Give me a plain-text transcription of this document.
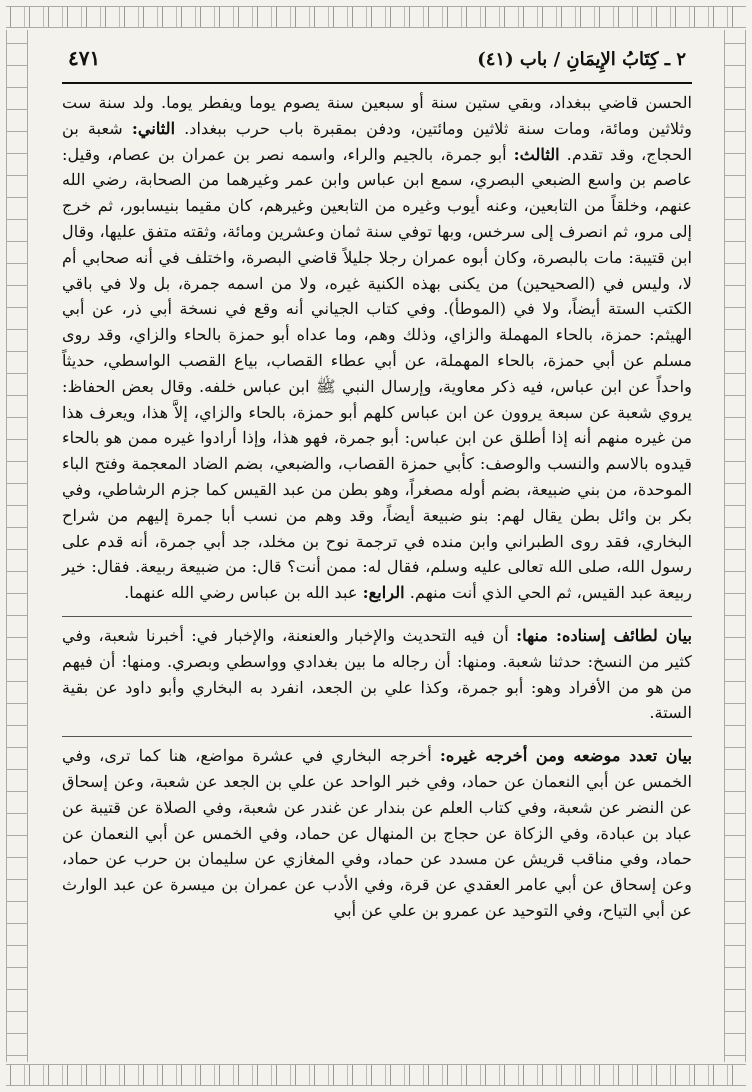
٢ ـ كِتَابُ الإِيمَانِ / باب (٤١)
٤٧١

الحسن قاضي ببغداد، وبقي ستين سنة أو سبعين سنة يصوم يوما ويفطر يوما. ولد سنة ست وثلاثين ومائة، ومات سنة ثلاثين ومائتين، ودفن بمقبرة باب حرب ببغداد. الثاني: شعبة بن الحجاج، وقد تقدم. الثالث: أبو جمرة، بالجيم والراء، واسمه نصر بن عمران بن عصام، وقيل: عاصم بن واسع الضبعي البصري، سمع ابن عباس وابن عمر وغيرهما من الصحابة، رضي الله عنهم، وخلقاً من التابعين، وعنه أيوب وغيره من التابعين وغيرهم، كان مقيما بنيسابور، ثم خرج إلى مرو، ثم انصرف إلى سرخس، وبها توفي سنة ثمان وعشرين ومائة، وثقته متفق عليها، وقال ابن قتيبة: مات بالبصرة، وكان أبوه عمران رجلا جليلاً قاضي البصرة، واختلف في أنه صحابي أم لا، وليس في (الصحيحين) من يكنى بهذه الكنية غيره، ولا من اسمه جمرة، بل ولا في باقي الكتب الستة أيضاً، ولا في (الموطأ). وفي كتاب الجياني أنه وقع في نسخة أبي ذر، عن أبي الهيثم: حمزة، بالحاء المهملة والزاي، وذلك وهم، وما عداه أبو حمزة بالحاء والزاي، وقد روى مسلم عن أبي حمزة، بالحاء المهملة، عن أبي عطاء القصاب، بياع القصب الواسطي، حديثاً واحداً عن ابن عباس، فيه ذكر معاوية، وإرسال النبي ﷺ ابن عباس خلفه. وقال بعض الحفاظ: يروي شعبة عن سبعة يروون عن ابن عباس كلهم أبو حمزة، بالحاء والزاي، إلاَّ هذا، ويعرف هذا من غيره منهم أنه إذا أطلق عن ابن عباس: أبو جمرة، فهو هذا، وإذا أرادوا غيره ممن هو بالحاء قيدوه بالاسم والنسب والوصف: كأبي حمزة القصاب، والضبعي، بضم الضاد المعجمة وفتح الباء الموحدة، من بني ضبيعة، بضم أوله مصغراً، وهو بطن من عبد القيس كما جزم الرشاطي، وفي بكر بن وائل بطن يقال لهم: بنو ضبيعة أيضاً، وقد وهم من نسب أبا جمرة إليهم من شراح البخاري، فقد روى الطبراني وابن منده في ترجمة نوح بن مخلد، جد أبي جمرة، أنه قدم على رسول الله، صلى الله تعالى عليه وسلم، فقال له: ممن أنت؟ قال: من ضبيعة ربيعة. فقال: خير ربيعة عبد القيس، ثم الحي الذي أنت منهم. الرابع: عبد الله بن عباس رضي الله عنهما.

بيان لطائف إسناده: منها: أن فيه التحديث والإخبار والعنعنة، والإخبار في: أخبرنا شعبة، وفي كثير من النسخ: حدثنا شعبة. ومنها: أن رجاله ما بين بغدادي وواسطي وبصري. ومنها: أن فيهم من هو من الأفراد وهو: أبو جمرة، وكذا علي بن الجعد، انفرد به البخاري وأبو داود عن بقية الستة.

بيان تعدد موضعه ومن أخرجه غيره: أخرجه البخاري في عشرة مواضع، هنا كما ترى، وفي الخمس عن أبي النعمان عن حماد، وفي خبر الواحد عن علي بن الجعد عن شعبة، وعن إسحاق عن النضر عن شعبة، وفي كتاب العلم عن بندار عن غندر عن شعبة، وفي الصلاة عن قتيبة عن عباد بن عبادة، وفي الزكاة عن حجاج بن المنهال عن حماد، وفي الخمس عن أبي النعمان عن حماد، وفي مناقب قريش عن مسدد عن حماد، وفي المغازي عن سليمان بن حرب عن حماد، وعن إسحاق عن أبي عامر العقدي عن قرة، وفي الأدب عن عمران بن ميسرة عن عبد الوارث عن أبي التياح، وفي التوحيد عن عمرو بن علي عن أبي
